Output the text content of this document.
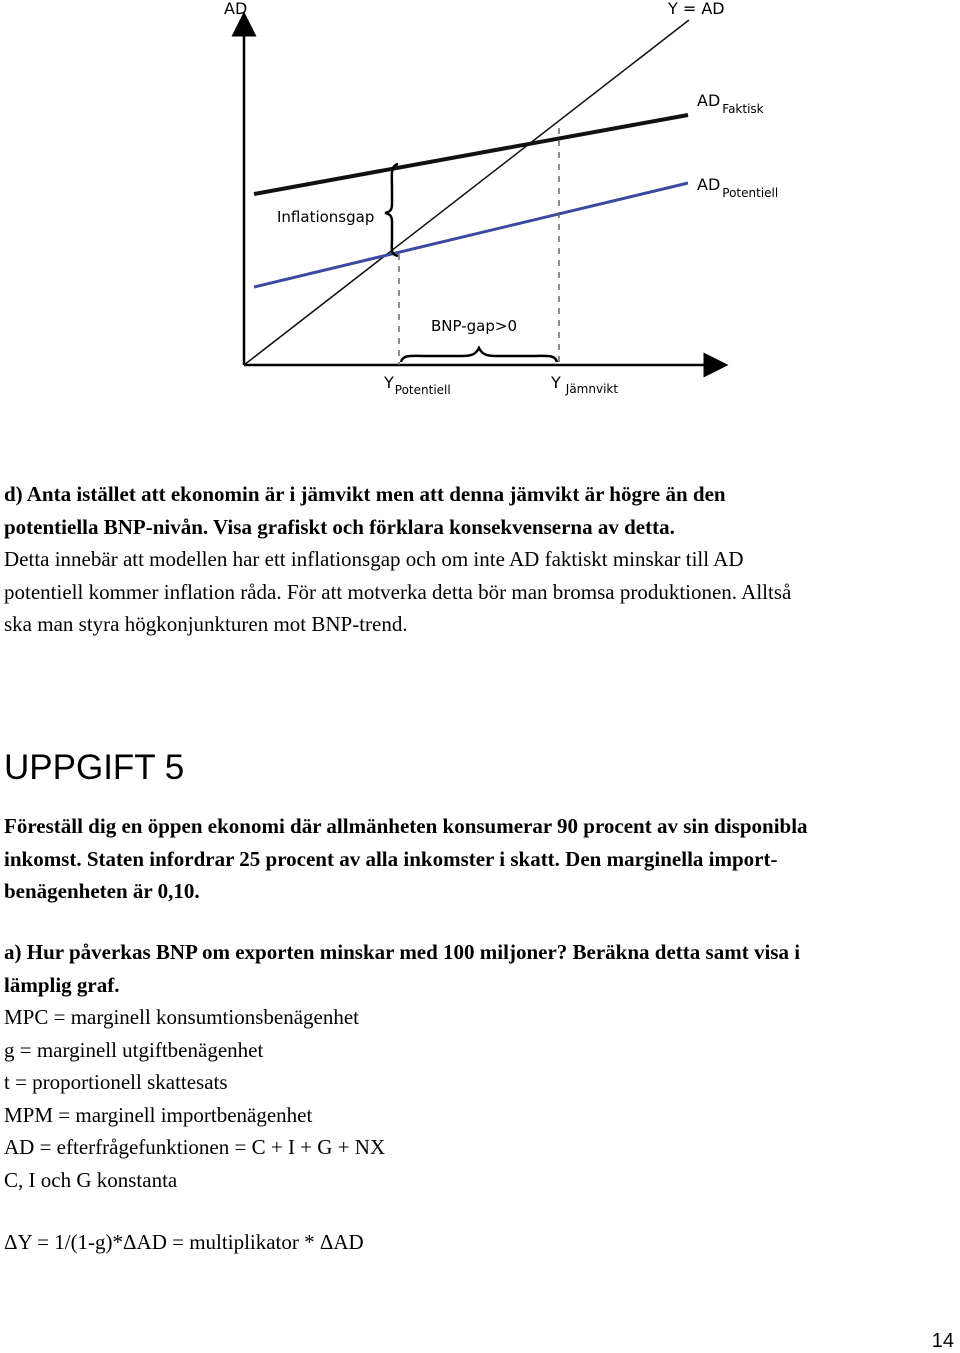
AD	Y = AD
AD $_{Faktisk}$
AD $_{Potentiell}$
Inflationsgap
BNP-gap>0
$Y_{Potentiell}$	Y $_{Jämnvikt}$
d) Anta istället att ekonomin är i jämvikt men att denna jämvikt är högre än den
potentiella BNP-nivån. Visa grafiskt och förklara konsekvenserna av detta.
Detta innebär att modellen har ett inflationsgap och om inte AD faktiskt minskar till AD
potentiell kommer inflation råda. För att motverka detta bör man bromsa produktionen. Alltså
ska man styra högkonjunkturen mot BNP-trend.
UPPGIFT 5
Föreställ dig en öppen ekonomi där allmänheten konsumerar 90 procent av sin disponibla
inkomst. Staten infordrar 25 procent av alla inkomster i skatt. Den marginella import-
benägenheten är 0,10.
a) Hur påverkas BNP om exporten minskar med 100 miljoner? Beräkna detta samt visa i
lämplig graf.
MPC = marginell konsumtionsbenägenhet
g = marginell utgiftbenägenhet
t = proportionell skattesats
MPM = marginell importbenägenhet
AD = efterfrågefunktionen = C + I + G + NX
C, I och G konstanta
ΔY = 1/(1-g)*ΔAD = multiplikator * ΔAD

14
